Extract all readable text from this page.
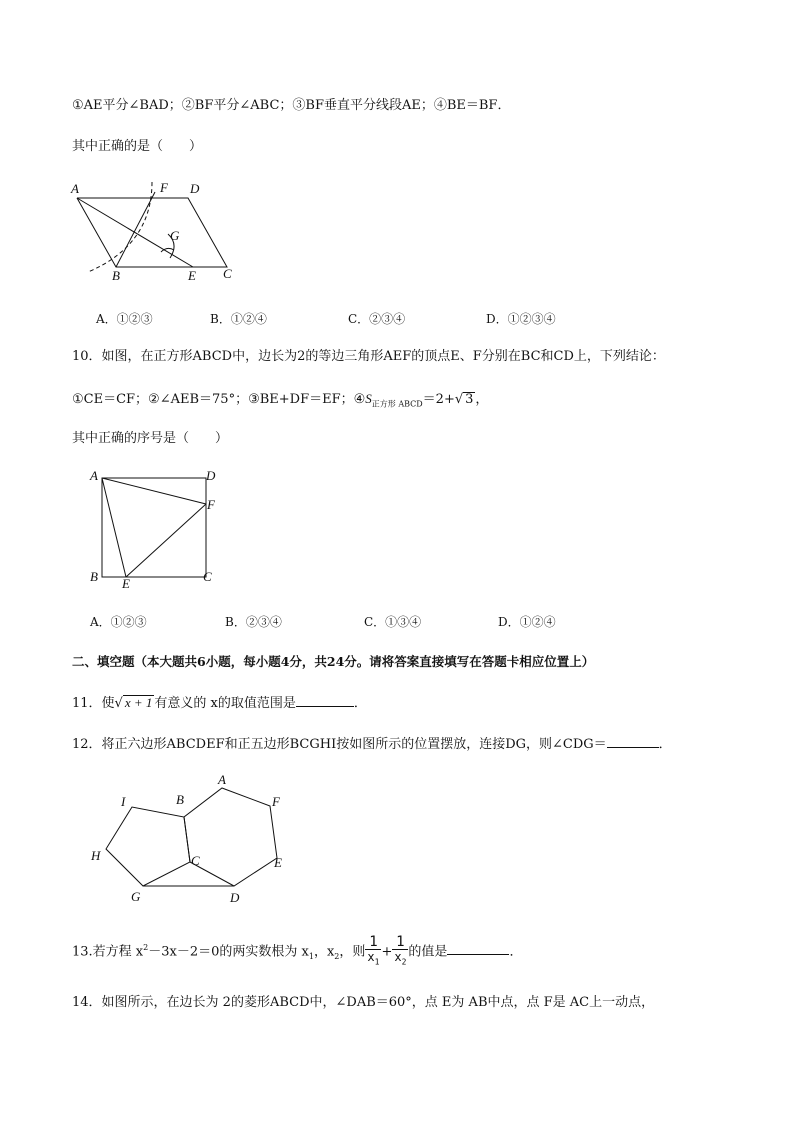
①AE平分∠BAD；②BF平分∠ABC；③BF垂直平分线段AE；④BE＝BF．
其中正确的是（　　）
A	F D
G
B	E C
A．①②③	B．①②④	C．②③④	D．①②③④
10．如图，在正方形ABCD中，边长为2的等边三角形AEF的顶点E、F分别在BC和CD上，下列结论：
①CE＝CF；②∠AEB＝75°；③BE+DF＝EF；$④S_{正方形 ABCD}=2+√$ 3 ，
其中正确的序号是（　　）
A	D
F
B E	C
A．①②③	B．②③④	C．①③④	D．①②④
二、填空题（本大题共6小题，每小题4分，共24分。请将答案直接填写在答题卡相应位置上）
11．使√ x + 1 有意义的 x的取值范围是	．
12．将正六边形ABCDEF和正五边形BCGHI按如图所示的位置摆放，连接DG，则∠CDG＝	．
A
F
B
I
H	C	E
G	D
13.若方程 $x^2-3x-2=0$的两实数根为 $x_1$，$x_2$，则 $\frac{1}{x_1} + \frac{1}{x_2}$ 的值是	．
14．如图所示，在边长为 2的菱形ABCD中，∠DAB＝60°，点 E为 AB中点，点 F是 AC上一动点，
